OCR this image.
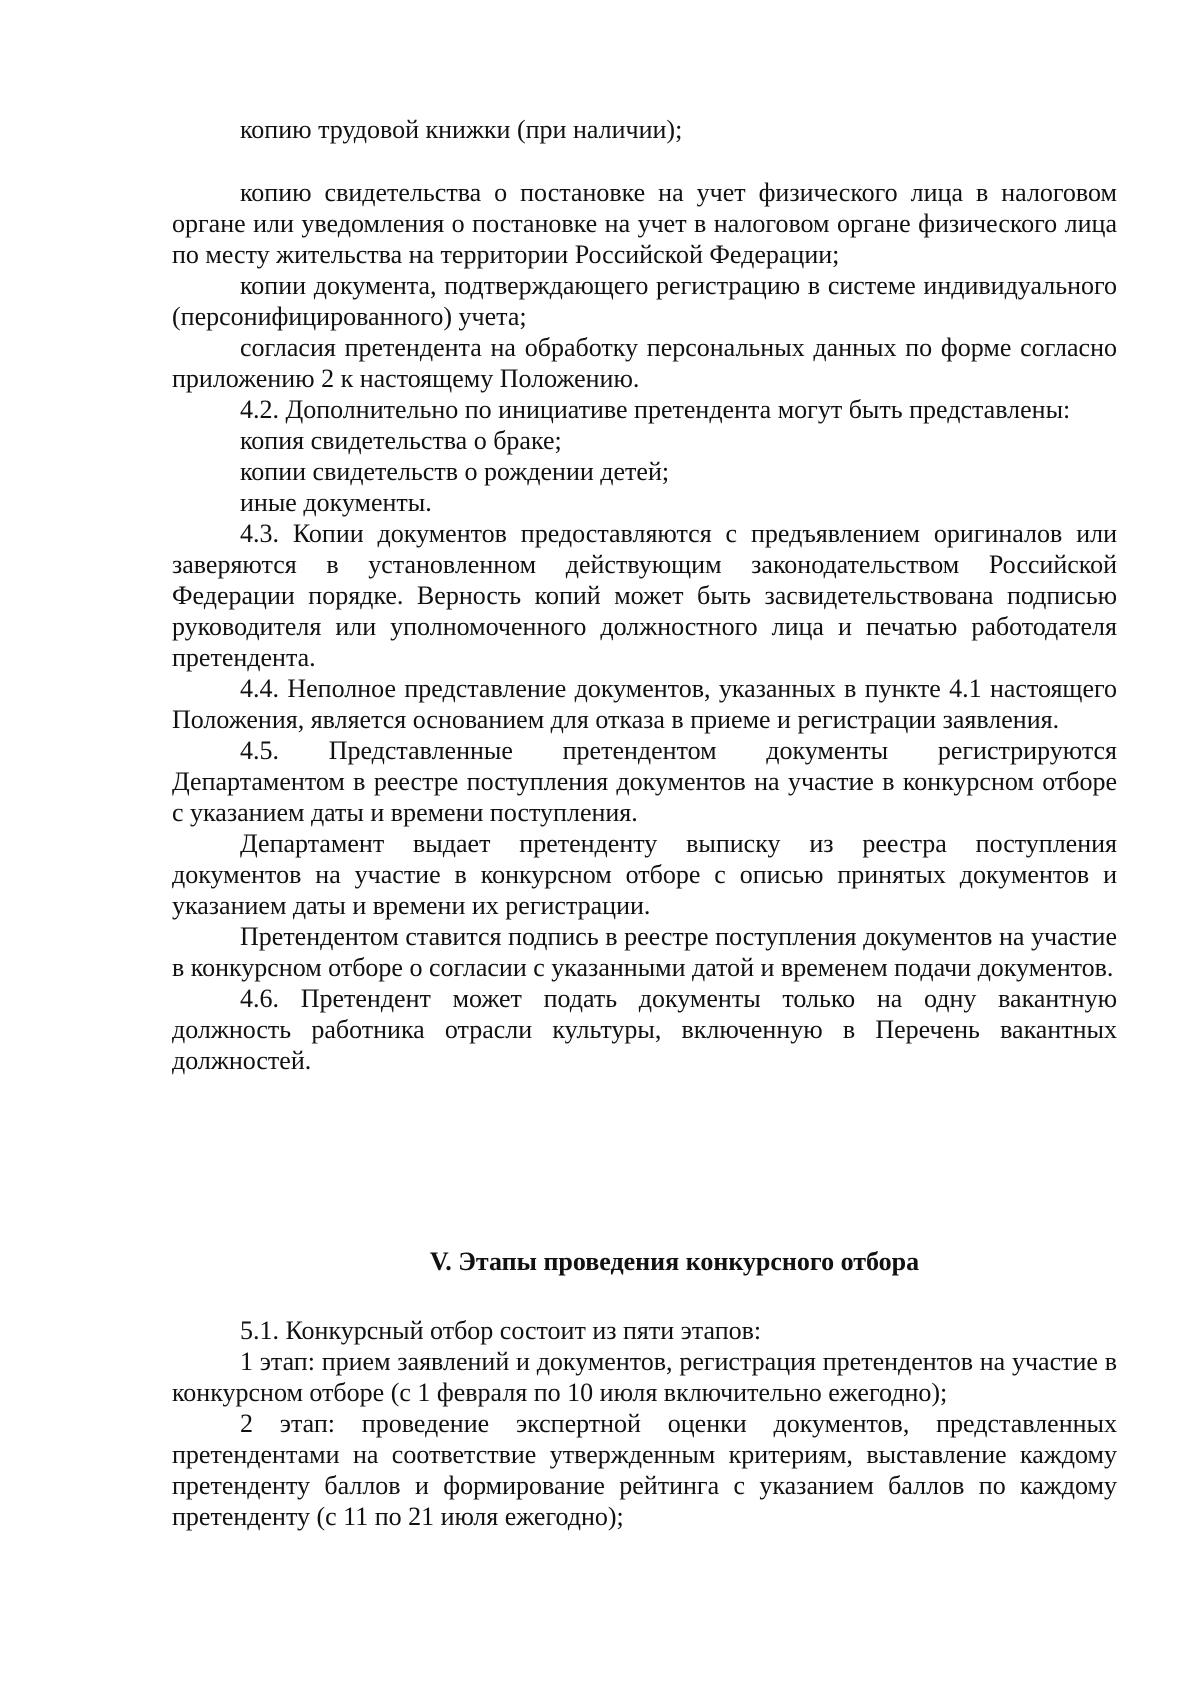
копию трудовой книжки (при наличии);

копию свидетельства о постановке на учет физического лица в налоговом органе или уведомления о постановке на учет в налоговом органе физического лица по месту жительства на территории Российской Федерации;

копии документа, подтверждающего регистрацию в системе индивидуального (персонифицированного) учета;

согласия претендента на обработку персональных данных по форме согласно приложению 2 к настоящему Положению.

4.2. Дополнительно по инициативе претендента могут быть представлены:

копия свидетельства о браке;

копии свидетельств о рождении детей;

иные документы.

4.3. Копии документов предоставляются с предъявлением оригиналов или заверяются в установленном действующим законодательством Российской Федерации порядке. Верность копий может быть засвидетельствована подписью руководителя или уполномоченного должностного лица и печатью работодателя претендента.

4.4. Неполное представление документов, указанных в пункте 4.1 настоящего Положения, является основанием для отказа в приеме и регистрации заявления.

4.5. Представленные претендентом документы регистрируются Департаментом в реестре поступления документов на участие в конкурсном отборе с указанием даты и времени поступления.

Департамент выдает претенденту выписку из реестра поступления документов на участие в конкурсном отборе с описью принятых документов и указанием даты и времени их регистрации.

Претендентом ставится подпись в реестре поступления документов на участие в конкурсном отборе о согласии с указанными датой и временем подачи документов.

4.6. Претендент может подать документы только на одну вакантную должность работника отрасли культуры, включенную в Перечень вакантных должностей.

V. Этапы проведения конкурсного отбора

5.1. Конкурсный отбор состоит из пяти этапов:

1 этап: прием заявлений и документов, регистрация претендентов на участие в конкурсном отборе (с 1 февраля по 10 июля включительно ежегодно);

2 этап: проведение экспертной оценки документов, представленных претендентами на соответствие утвержденным критериям, выставление каждому претенденту баллов и формирование рейтинга с указанием баллов по каждому претенденту (с 11 по 21 июля ежегодно);
